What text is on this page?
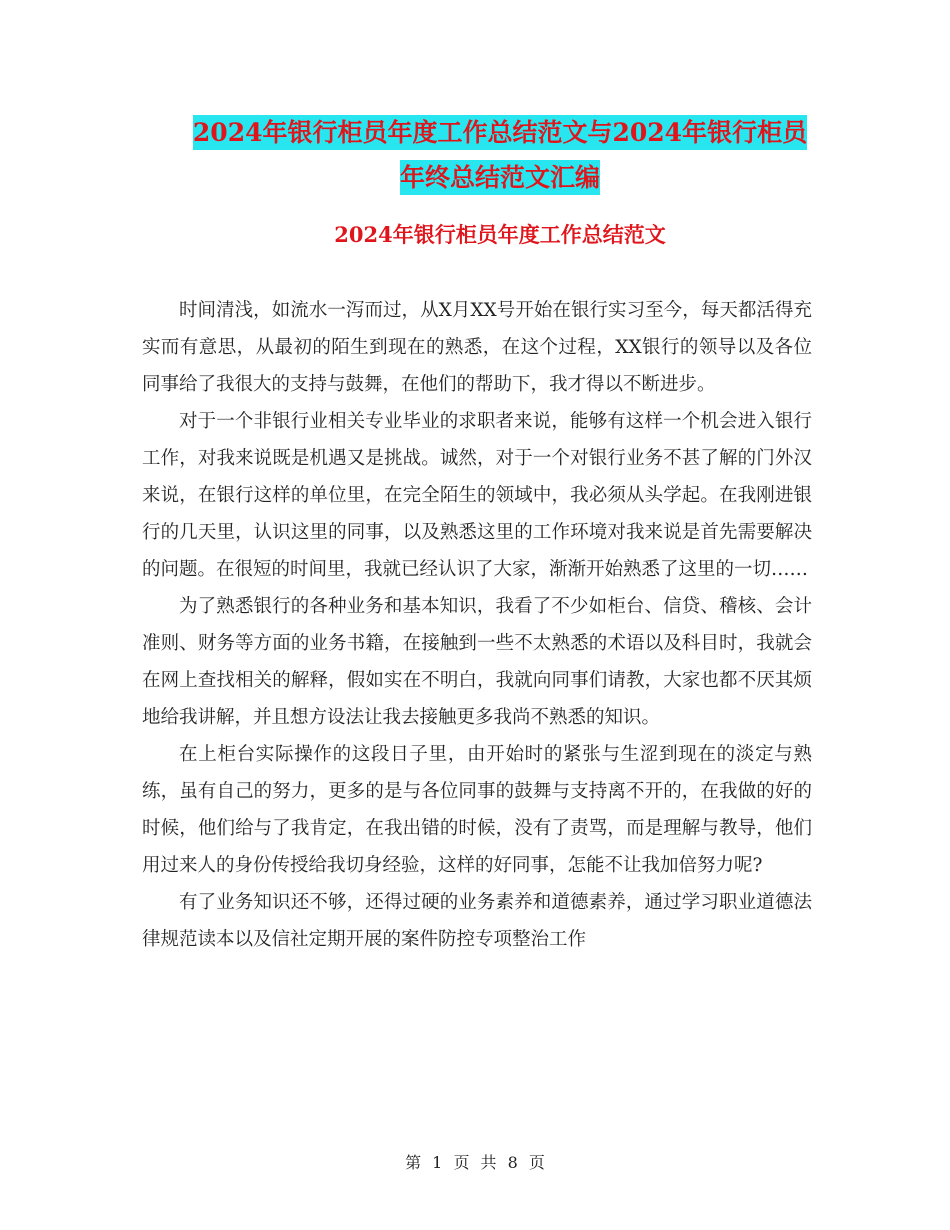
2024年银行柜员年度工作总结范文与2024年银行柜员
年终总结范文汇编
2024年银行柜员年度工作总结范文

时间清浅，如流水一泻而过，从X月XX号开始在银行实习至今，每天都活得充实而有意思，从最初的陌生到现在的熟悉，在这个过程，XX银行的领导以及各位同事给了我很大的支持与鼓舞，在他们的帮助下，我才得以不断进步。

对于一个非银行业相关专业毕业的求职者来说，能够有这样一个机会进入银行工作，对我来说既是机遇又是挑战。诚然，对于一个对银行业务不甚了解的门外汉来说，在银行这样的单位里，在完全陌生的领域中，我必须从头学起。在我刚进银行的几天里，认识这里的同事，以及熟悉这里的工作环境对我来说是首先需要解决的问题。在很短的时间里，我就已经认识了大家，渐渐开始熟悉了这里的一切……

为了熟悉银行的各种业务和基本知识，我看了不少如柜台、信贷、稽核、会计准则、财务等方面的业务书籍，在接触到一些不太熟悉的术语以及科目时，我就会在网上查找相关的解释，假如实在不明白，我就向同事们请教，大家也都不厌其烦地给我讲解，并且想方设法让我去接触更多我尚不熟悉的知识。

在上柜台实际操作的这段日子里，由开始时的紧张与生涩到现在的淡定与熟练，虽有自己的努力，更多的是与各位同事的鼓舞与支持离不开的，在我做的好的时候，他们给与了我肯定，在我出错的时候，没有了责骂，而是理解与教导，他们用过来人的身份传授给我切身经验，这样的好同事，怎能不让我加倍努力呢?

有了业务知识还不够，还得过硬的业务素养和道德素养，通过学习职业道德法律规范读本以及信社定期开展的案件防控专项整治工作

第 1 页 共 8 页
